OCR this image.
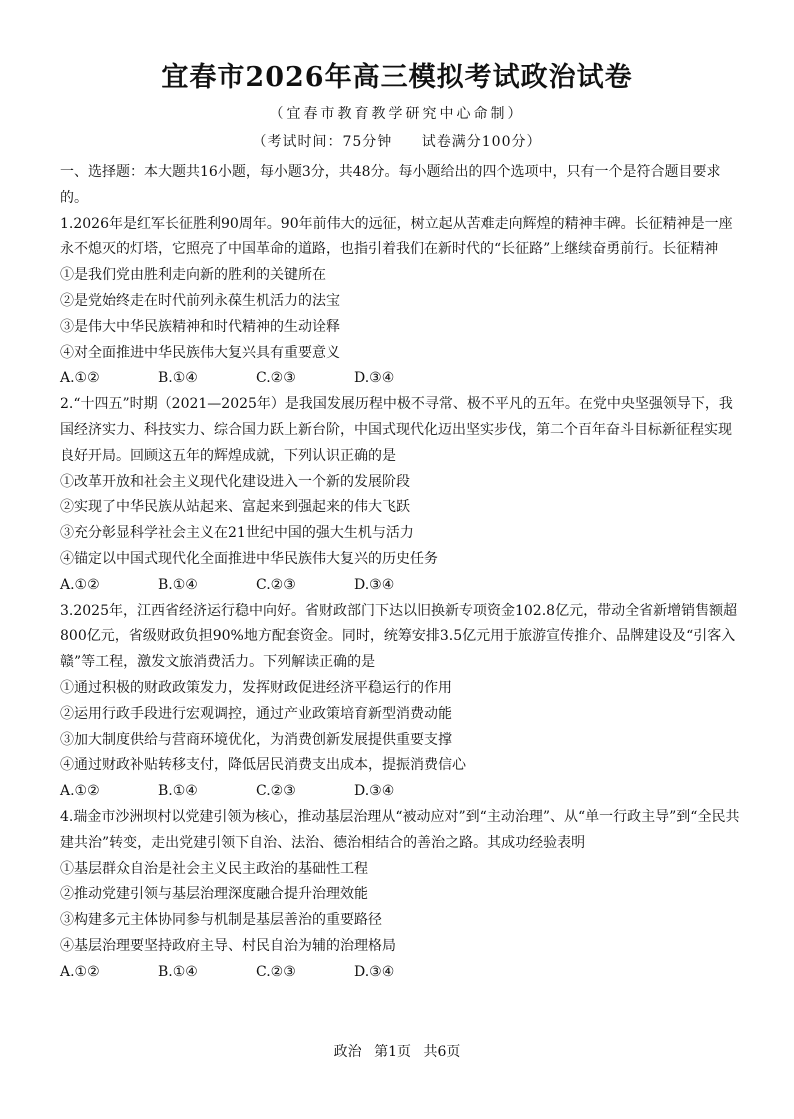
宜春市2026年高三模拟考试政治试卷
（宜春市教育教学研究中心命制）
（考试时间：75分钟 试卷满分100分）

一、选择题：本大题共16小题，每小题3分，共48分。每小题给出的四个选项中，只有一个是符合题目要求的。

1.2026年是红军长征胜利90周年。90年前伟大的远征，树立起从苦难走向辉煌的精神丰碑。长征精神是一座永不熄灭的灯塔，它照亮了中国革命的道路，也指引着我们在新时代的“长征路”上继续奋勇前行。长征精神

①是我们党由胜利走向新的胜利的关键所在
②是党始终走在时代前列永葆生机活力的法宝
③是伟大中华民族精神和时代精神的生动诠释
④对全面推进中华民族伟大复兴具有重要意义
A.①②	B.①④	C.②③	D.③④

2.“十四五”时期（2021—2025年）是我国发展历程中极不寻常、极不平凡的五年。在党中央坚强领导下，我国经济实力、科技实力、综合国力跃上新台阶，中国式现代化迈出坚实步伐，第二个百年奋斗目标新征程实现良好开局。回顾这五年的辉煌成就，下列认识正确的是

①改革开放和社会主义现代化建设进入一个新的发展阶段
②实现了中华民族从站起来、富起来到强起来的伟大飞跃
③充分彰显科学社会主义在21世纪中国的强大生机与活力
④锚定以中国式现代化全面推进中华民族伟大复兴的历史任务
A.①②	B.①④	C.②③	D.③④

3.2025年，江西省经济运行稳中向好。省财政部门下达以旧换新专项资金102.8亿元，带动全省新增销售额超800亿元，省级财政负担90%地方配套资金。同时，统筹安排3.5亿元用于旅游宣传推介、品牌建设及“引客入赣”等工程，激发文旅消费活力。下列解读正确的是

①通过积极的财政政策发力，发挥财政促进经济平稳运行的作用
②运用行政手段进行宏观调控，通过产业政策培育新型消费动能
③加大制度供给与营商环境优化，为消费创新发展提供重要支撑
④通过财政补贴转移支付，降低居民消费支出成本，提振消费信心
A.①②	B.①④	C.②③	D.③④

4.瑞金市沙洲坝村以党建引领为核心，推动基层治理从“被动应对”到“主动治理”、从“单一行政主导”到“全民共建共治”转变，走出党建引领下自治、法治、德治相结合的善治之路。其成功经验表明

①基层群众自治是社会主义民主政治的基础性工程
②推动党建引领与基层治理深度融合提升治理效能
③构建多元主体协同参与机制是基层善治的重要路径
④基层治理要坚持政府主导、村民自治为辅的治理格局
A.①②	B.①④	C.②③	D.③④
政治 第1页 共6页
